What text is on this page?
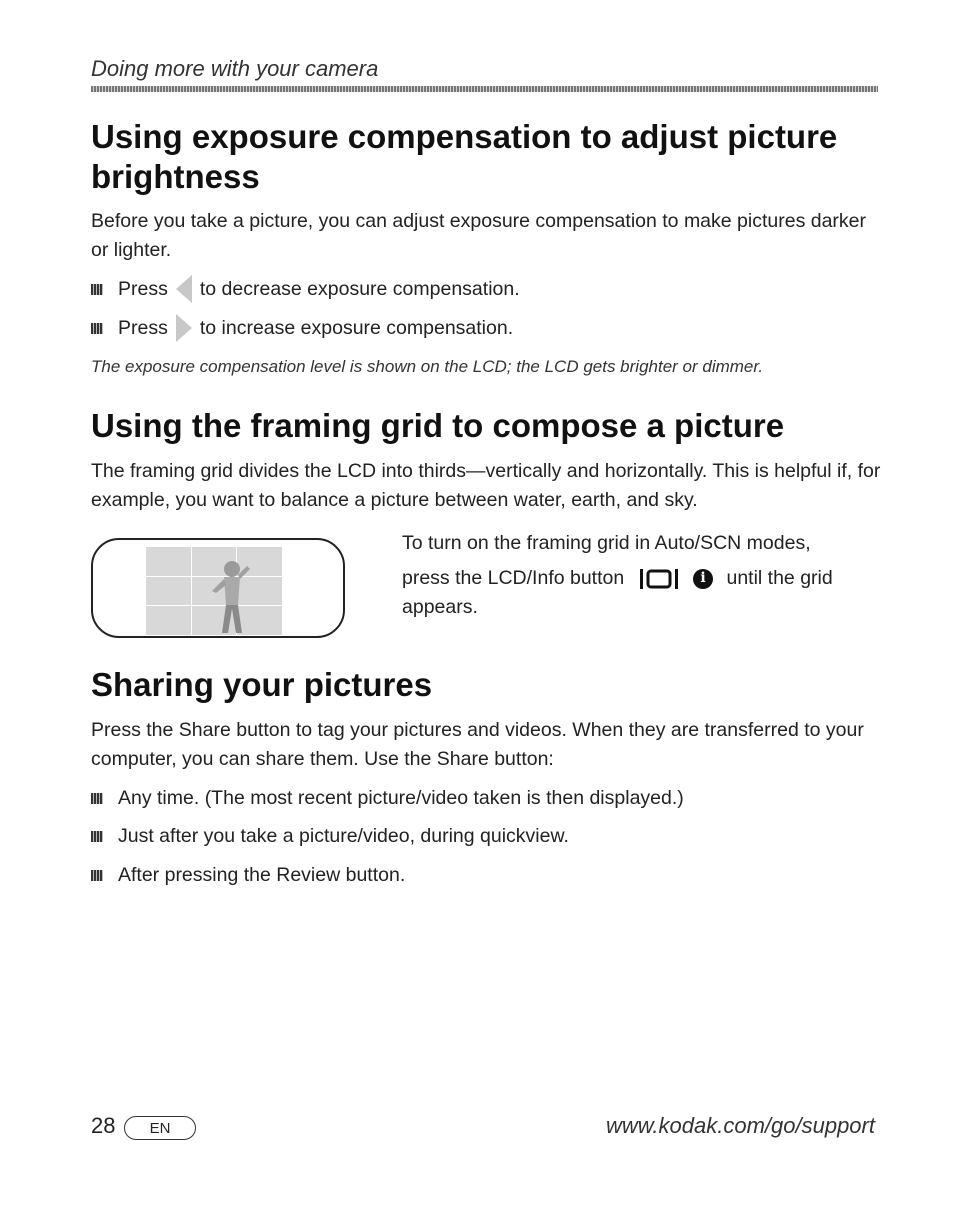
Doing more with your camera
Using exposure compensation to adjust picture brightness
Before you take a picture, you can adjust exposure compensation to make pictures darker or lighter.
Press to decrease exposure compensation.
Press to increase exposure compensation.
The exposure compensation level is shown on the LCD; the LCD gets brighter or dimmer.
Using the framing grid to compose a picture
The framing grid divides the LCD into thirds—vertically and horizontally. This is helpful if, for example, you want to balance a picture between water, earth, and sky.
To turn on the framing grid in Auto/SCN modes,
press the LCD/Info button	i until the grid
appears.
Sharing your pictures
Press the Share button to tag your pictures and videos. When they are transferred to your computer, you can share them. Use the Share button:
Any time. (The most recent picture/video taken is then displayed.)
Just after you take a picture/video, during quickview.
After pressing the Review button.
28	EN	www.kodak.com/go/support
